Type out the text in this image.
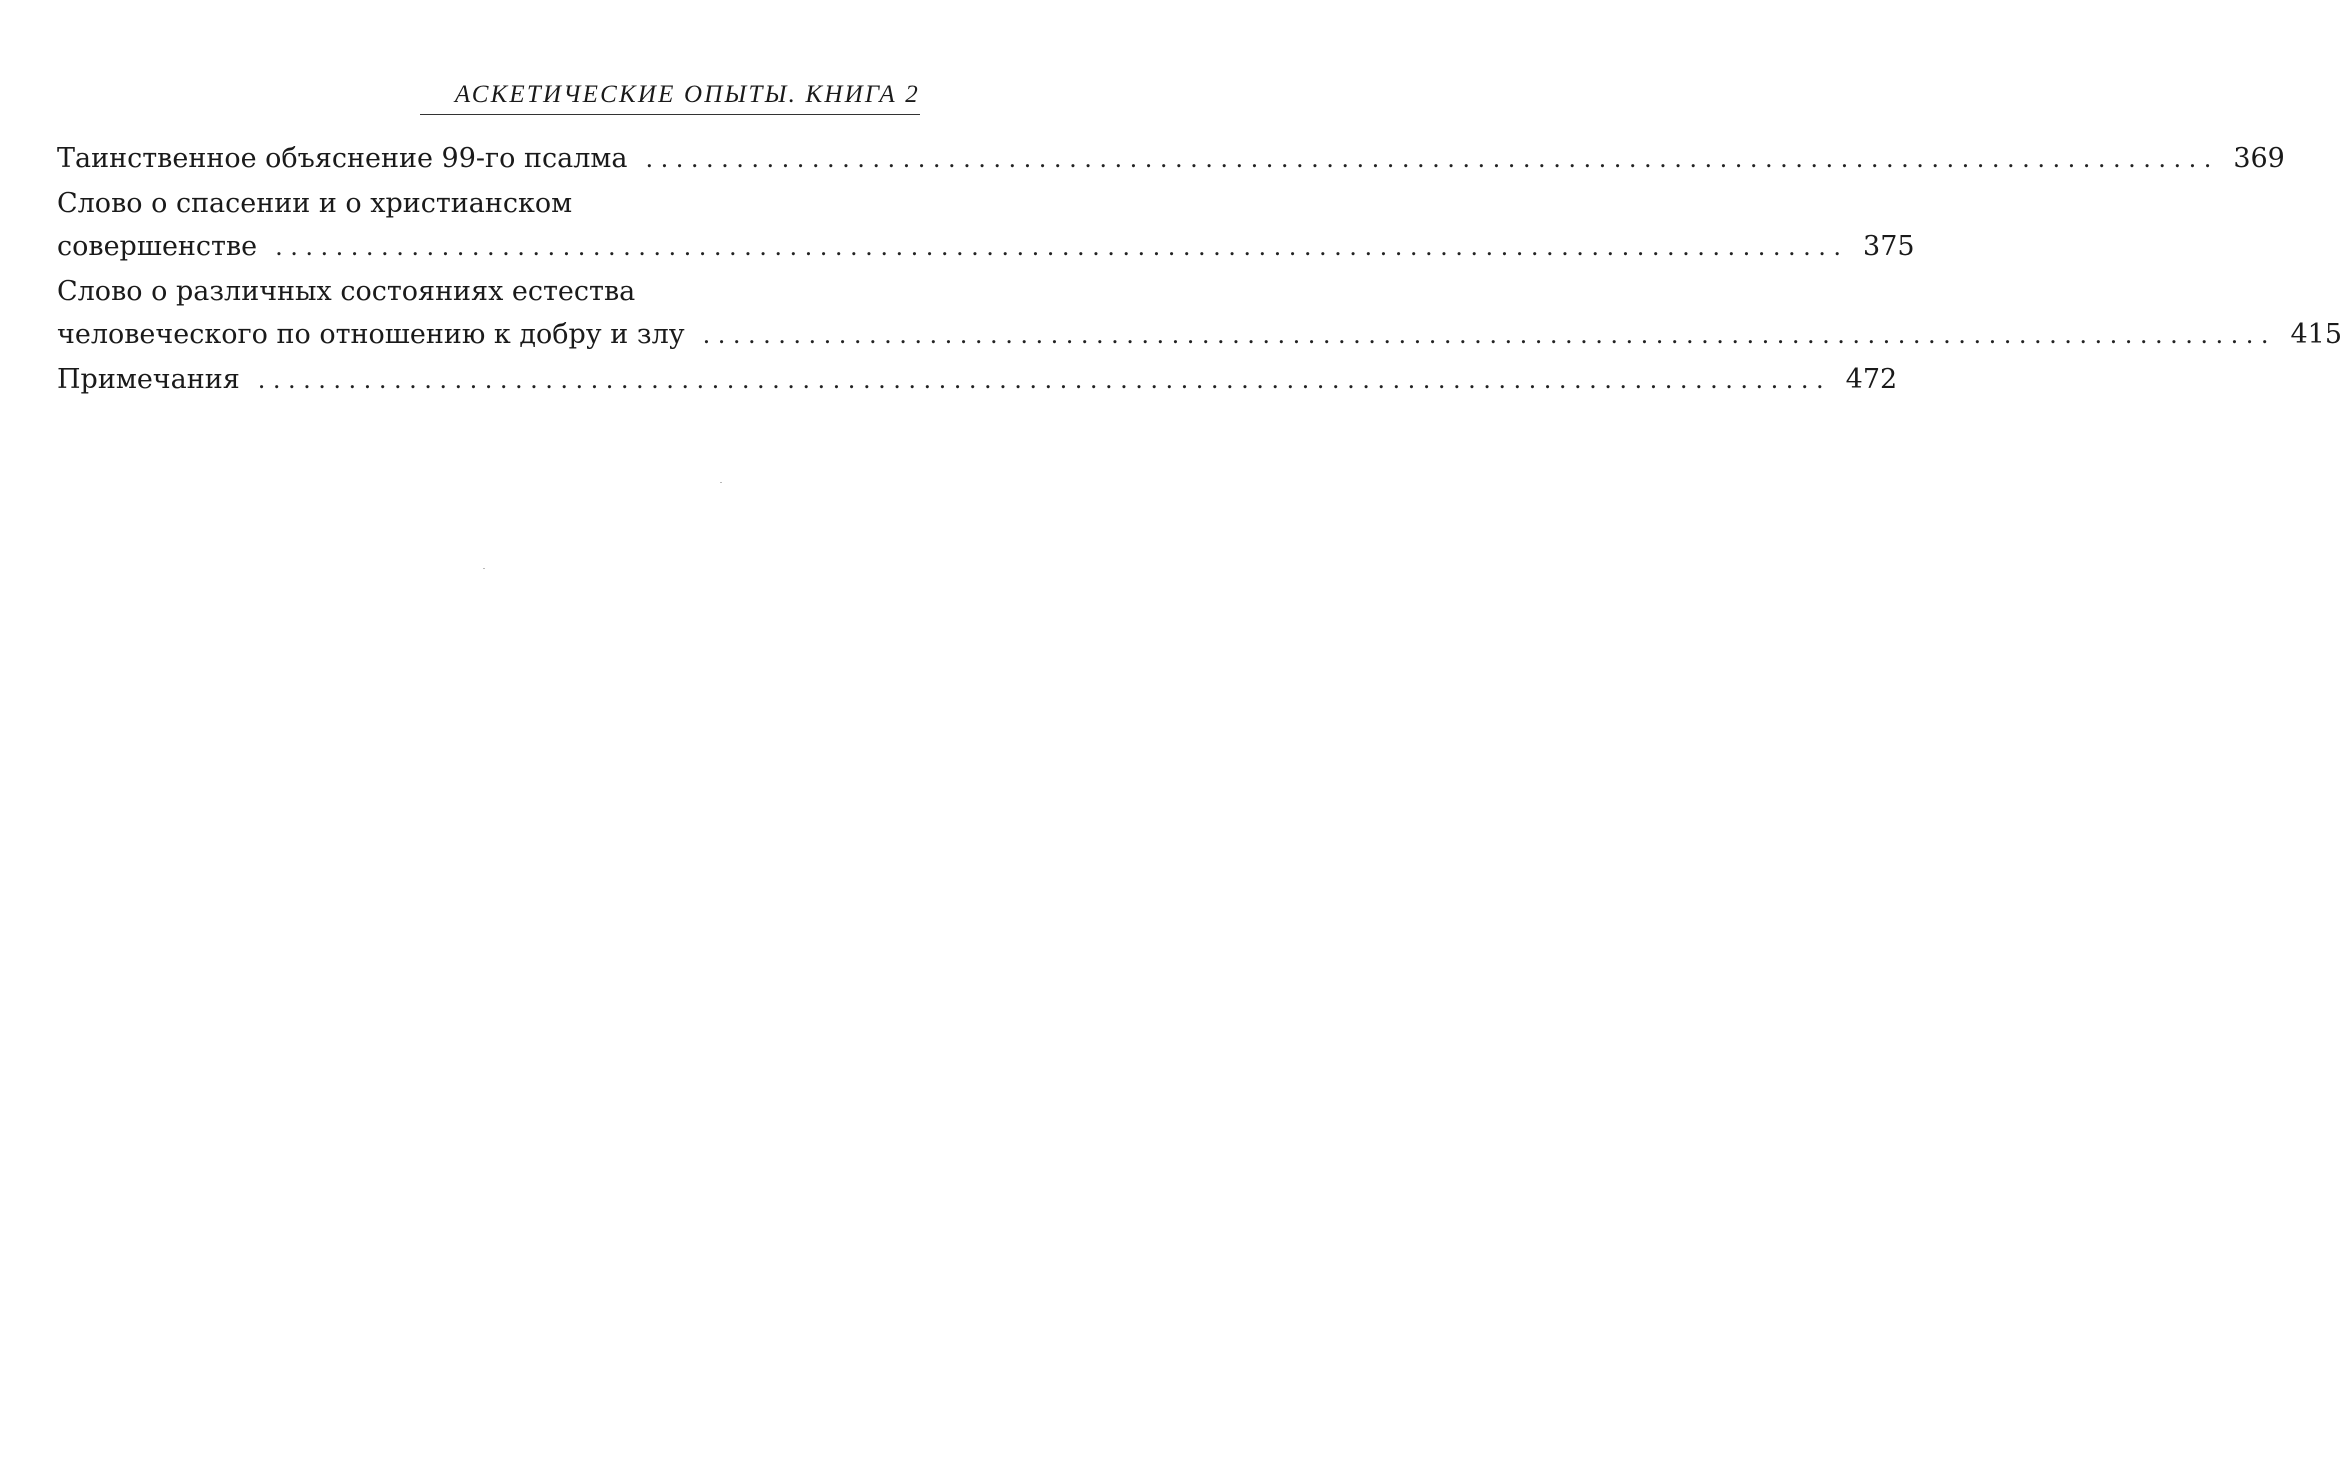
АСКЕТИЧЕСКИЕ ОПЫТЫ. КНИГА 2
Таинственное объяснение 99-го псалма ........................................................................................................ 369
Слово о спасении и о христианском
совершенстве ........................................................................................................ 375
Слово о различных состояниях естества
человеческого по отношению к добру и злу ........................................................................................................ 415
Примечания ........................................................................................................ 472
